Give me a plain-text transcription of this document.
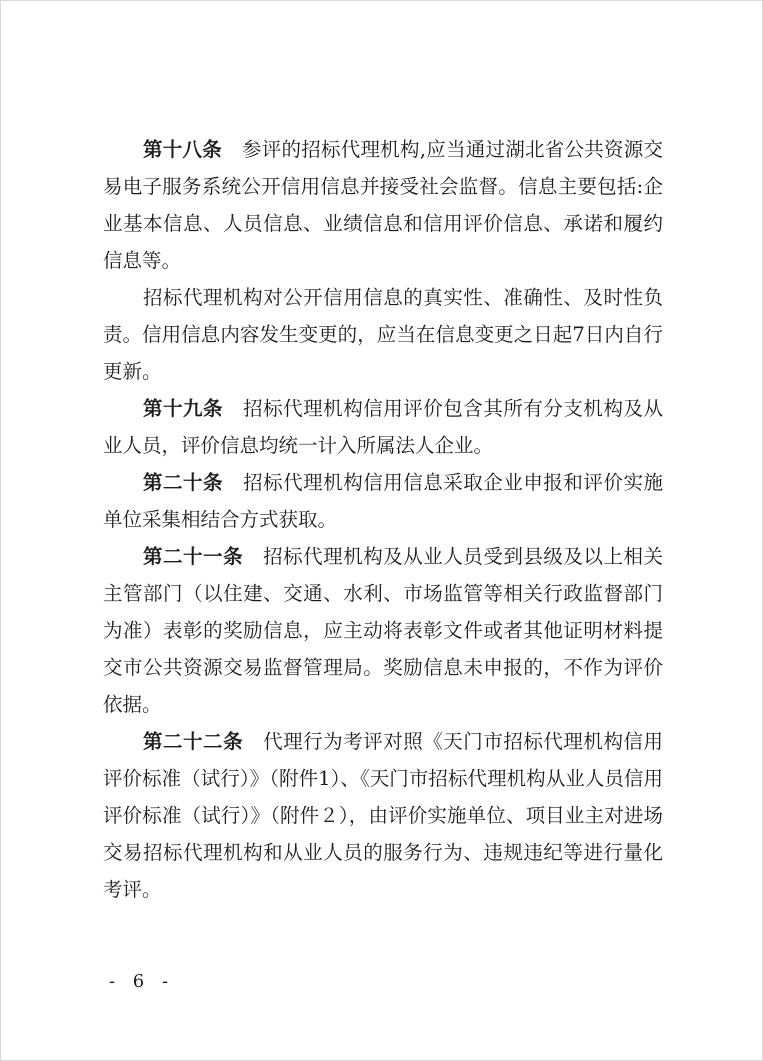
第十八条 参评的招标代理机构,应当通过湖北省公共资源交易电子服务系统公开信用信息并接受社会监督。信息主要包括:企业基本信息、人员信息、业绩信息和信用评价信息、承诺和履约信息等。

招标代理机构对公开信用信息的真实性、准确性、及时性负责。信用信息内容发生变更的，应当在信息变更之日起7日内自行更新。

第十九条 招标代理机构信用评价包含其所有分支机构及从业人员，评价信息均统一计入所属法人企业。

第二十条 招标代理机构信用信息采取企业申报和评价实施单位采集相结合方式获取。

第二十一条 招标代理机构及从业人员受到县级及以上相关主管部门（以住建、交通、水利、市场监管等相关行政监督部门为准）表彰的奖励信息，应主动将表彰文件或者其他证明材料提交市公共资源交易监督管理局。奖励信息未申报的，不作为评价依据。

第二十二条 代理行为考评对照《天门市招标代理机构信用评价标准（试行）》（附件1）、《天门市招标代理机构从业人员信用评价标准（试行）》（附件２），由评价实施单位、项目业主对进场交易招标代理机构和从业人员的服务行为、违规违纪等进行量化考评。

- 6 -
